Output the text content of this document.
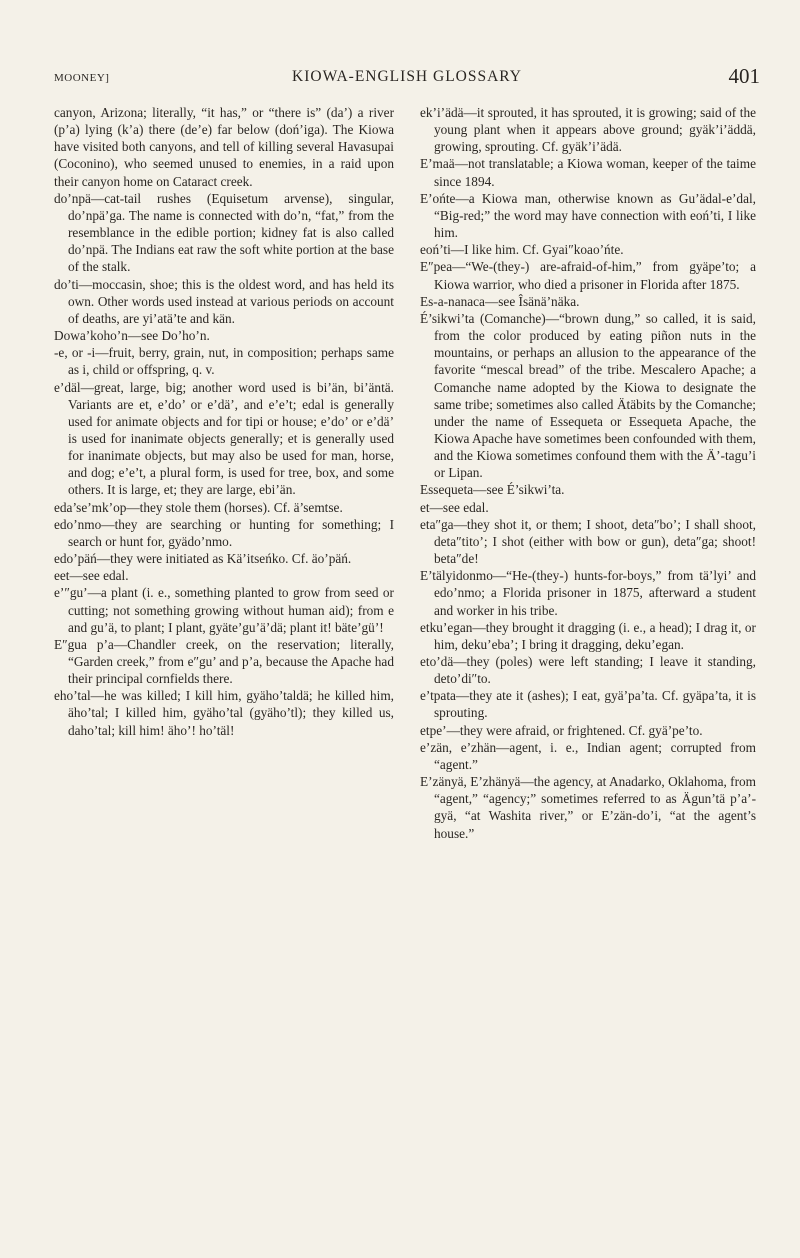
MOONEY]	KIOWA-ENGLISH GLOSSARY	401

canyon, Arizona; literally, “it has,” or “there is” (da’) a river (p’a) lying (k’a) there (de’e) far below (doń’iga). The Kiowa have visited both canyons, and tell of killing several Havasupai (Coconino), who seemed unused to enemies, in a raid upon their canyon home on Cataract creek.

do’npä—cat-tail rushes (Equisetum arvense), singular, do’npä’ga. The name is connected with do’n, “fat,” from the resemblance in the edible portion; kidney fat is also called do’npä. The Indians eat raw the soft white portion at the base of the stalk.

do’ti—moccasin, shoe; this is the oldest word, and has held its own. Other words used instead at various periods on account of deaths, are yi’atä’te and kän.

Dowa’koho’n—see Do’ho’n.

-e, or -i—fruit, berry, grain, nut, in composition; perhaps same as i, child or offspring, q. v.

e’däl—great, large, big; another word used is bi’än, bi’äntä. Variants are et, e’do’ or e’dä’, and e’e’t; edal is generally used for animate objects and for tipi or house; e’do’ or e’dä’ is used for inanimate objects generally; et is generally used for inanimate objects, but may also be used for man, horse, and dog; e’e’t, a plural form, is used for tree, box, and some others. It is large, et; they are large, ebi’än.

eda’se’mk’op—they stole them (horses). Cf. ä’semtse.

edo’nmo—they are searching or hunting for something; I search or hunt for, gyädo’nmo.

edo’päń—they were initiated as Kä’itseńko. Cf. äo’päń.

eet—see edal.

e’″gu’—a plant (i. e., something planted to grow from seed or cutting; not something growing without human aid); from e and gu’ä, to plant; I plant, gyäte’gu’ä’dä; plant it! bäte’gü’!

E″gua p’a—Chandler creek, on the reservation; literally, “Garden creek,” from e″gu’ and p’a, because the Apache had their principal cornfields there.

eho’tal—he was killed; I kill him, gyäho’taldä; he killed him, äho’tal; I killed him, gyäho’tal (gyäho’tl); they killed us, daho’tal; kill him! äho’! ho’täl!

ek’i’ädä—it sprouted, it has sprouted, it is growing; said of the young plant when it appears above ground; gyäk’i’äddä, growing, sprouting. Cf. gyäk’i’ädä.

E’maä—not translatable; a Kiowa woman, keeper of the taime since 1894.

E’ońte—a Kiowa man, otherwise known as Gu’ädal-e’dal, “Big-red;” the word may have connection with eoń’ti, I like him.

eoń’ti—I like him. Cf. Gyai″koao’ńte.

E″pea—“We-(they-) are-afraid-of-him,” from gyäpe’to; a Kiowa warrior, who died a prisoner in Florida after 1875.

Es-a-nanaca—see Îsänä’näka.

É’sikwi’ta (Comanche)—“brown dung,” so called, it is said, from the color produced by eating piñon nuts in the mountains, or perhaps an allusion to the appearance of the favorite “mescal bread” of the tribe. Mescalero Apache; a Comanche name adopted by the Kiowa to designate the same tribe; sometimes also called Ätäbits by the Comanche; under the name of Essequeta or Essequeta Apache, the Kiowa Apache have sometimes been confounded with them, and the Kiowa sometimes confound them with the Ä’-tagu’i or Lipan.

Essequeta—see É’sikwi’ta.

et—see edal.

eta″ga—they shot it, or them; I shoot, deta″bo’; I shall shoot, deta″tito’; I shot (either with bow or gun), deta″ga; shoot! beta″de!

E’tälyidonmo—“He-(they-) hunts-for-boys,” from tä’lyi’ and edo’nmo; a Florida prisoner in 1875, afterward a student and worker in his tribe.

etku’egan—they brought it dragging (i. e., a head); I drag it, or him, deku’eba’; I bring it dragging, deku’egan.

eto’dä—they (poles) were left standing; I leave it standing, deto’di″to.

e’tpata—they ate it (ashes); I eat, gyä’pa’ta. Cf. gyäpa’ta, it is sprouting.

etpe’—they were afraid, or frightened. Cf. gyä’pe’to.

e’zän, e’zhän—agent, i. e., Indian agent; corrupted from “agent.”

E’zänyä, E’zhänyä—the agency, at Anadarko, Oklahoma, from “agent,” “agency;” sometimes referred to as Ägun’tä p’a’-gyä, “at Washita river,” or E’zän-do’i, “at the agent’s house.”
